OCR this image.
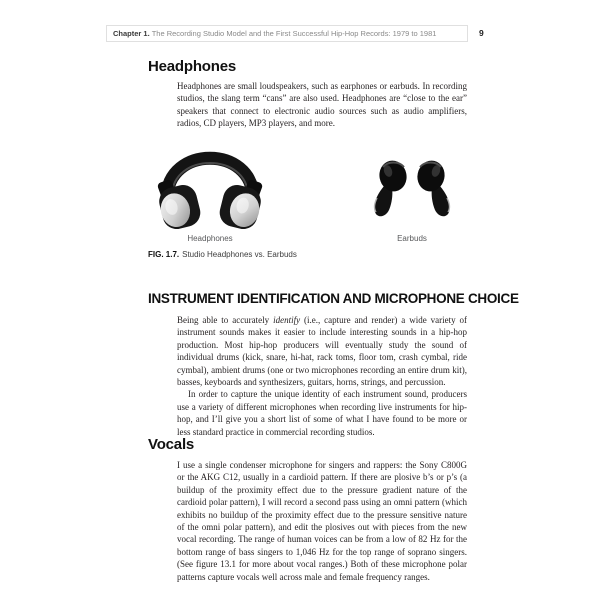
Chapter 1. The Recording Studio Model and the First Successful Hip-Hop Records: 1979 to 1981	9
Headphones

Headphones are small loudspeakers, such as earphones or earbuds. In recording studios, the slang term “cans” are also used. Headphones are “close to the ear” speakers that connect to electronic audio sources such as audio amplifiers, radios, CD players, MP3 players, and more.

Headphones	Earbuds
FIG. 1.7. Studio Headphones vs. Earbuds
INSTRUMENT IDENTIFICATION AND MICROPHONE CHOICE

Being able to accurately identify (i.e., capture and render) a wide variety of instrument sounds makes it easier to include interesting sounds in a hip-hop production. Most hip-hop producers will eventually study the sound of individual drums (kick, snare, hi-hat, rack toms, floor tom, crash cymbal, ride cymbal), ambient drums (one or two microphones recording an entire drum kit), basses, keyboards and synthesizers, guitars, horns, strings, and percussion.

In order to capture the unique identity of each instrument sound, producers use a variety of different microphones when recording live instruments for hip-hop, and I’ll give you a short list of some of what I have found to be more or less standard practice in commercial recording studios.

Vocals

I use a single condenser microphone for singers and rappers: the Sony C800G or the AKG C12, usually in a cardioid pattern. If there are plosive b’s or p’s (a buildup of the proximity effect due to the pressure gradient nature of the cardioid polar pattern), I will record a second pass using an omni pattern (which exhibits no buildup of the proximity effect due to the pressure sensitive nature of the omni polar pattern), and edit the plosives out with pieces from the new vocal recording. The range of human voices can be from a low of 82 Hz for the bottom range of bass singers to 1,046 Hz for the top range of soprano singers. (See figure 13.1 for more about vocal ranges.) Both of these microphone polar patterns capture vocals well across male and female frequency ranges.
